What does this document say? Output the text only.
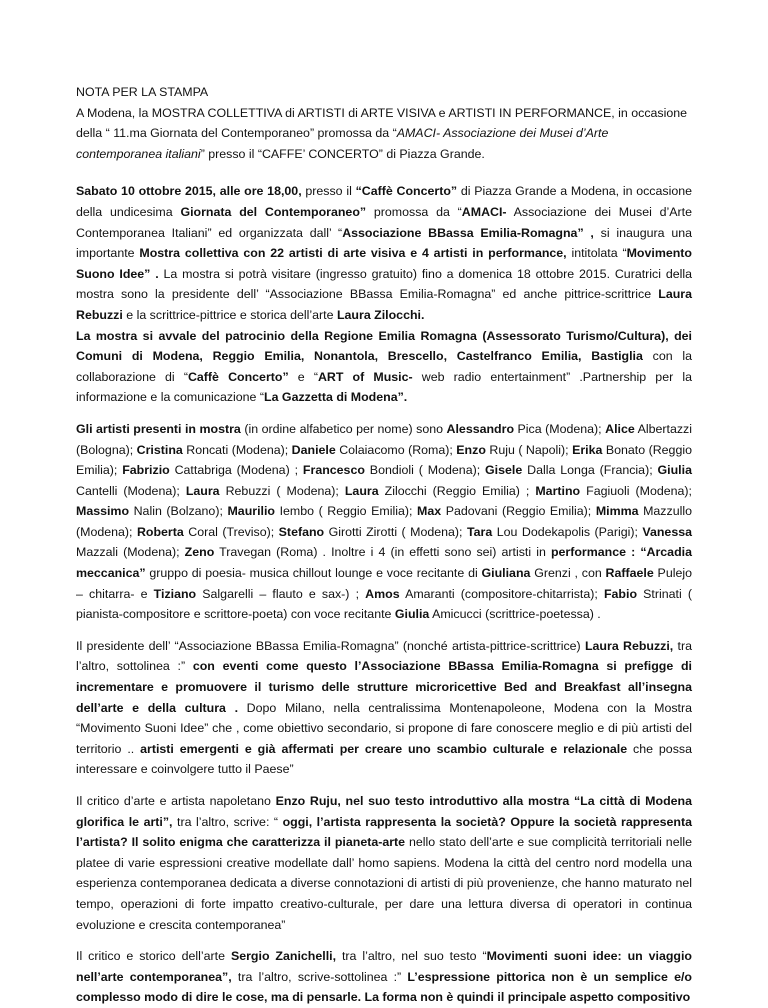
NOTA PER LA STAMPA
A Modena, la MOSTRA COLLETTIVA di ARTISTI di ARTE VISIVA e ARTISTI IN PERFORMANCE, in occasione della “ 11.ma Giornata del Contemporaneo” promossa da “AMACI- Associazione dei Musei d’Arte contemporanea italiani” presso il “CAFFE’ CONCERTO” di Piazza Grande.

Sabato 10 ottobre 2015, alle ore 18,00, presso il “Caffè Concerto” di Piazza Grande a Modena, in occasione della undicesima Giornata del Contemporaneo” promossa da “AMACI- Associazione dei Musei d’Arte Contemporanea Italiani” ed organizzata dall’ “Associazione BBassa Emilia-Romagna” , si inaugura una importante Mostra collettiva con 22 artisti di arte visiva e 4 artisti in performance, intitolata “Movimento Suono Idee” . La mostra si potrà visitare (ingresso gratuito) fino a domenica 18 ottobre 2015. Curatrici della mostra sono la presidente dell’ “Associazione BBassa Emilia-Romagna” ed anche pittrice-scrittrice Laura Rebuzzi e la scrittrice-pittrice e storica dell’arte Laura Zilocchi.
La mostra si avvale del patrocinio della Regione Emilia Romagna (Assessorato Turismo/Cultura), dei Comuni di Modena, Reggio Emilia, Nonantola, Brescello, Castelfranco Emilia, Bastiglia con la collaborazione di “Caffè Concerto” e “ART of Music- web radio entertainment” .Partnership per la informazione e la comunicazione “La Gazzetta di Modena”.

Gli artisti presenti in mostra (in ordine alfabetico per nome) sono Alessandro Pica (Modena); Alice Albertazzi (Bologna); Cristina Roncati (Modena); Daniele Colaiacomo (Roma); Enzo Ruju ( Napoli); Erika Bonato (Reggio Emilia); Fabrizio Cattabriga (Modena) ; Francesco Bondioli ( Modena); Gisele Dalla Longa (Francia); Giulia Cantelli (Modena); Laura Rebuzzi ( Modena); Laura Zilocchi (Reggio Emilia) ; Martino Fagiuoli (Modena); Massimo Nalin (Bolzano); Maurilio Iembo ( Reggio Emilia); Max Padovani (Reggio Emilia); Mimma Mazzullo (Modena); Roberta Coral (Treviso); Stefano Girotti Zirotti ( Modena); Tara Lou Dodekapolis (Parigi); Vanessa Mazzali (Modena); Zeno Travegan (Roma) . Inoltre i 4 (in effetti sono sei) artisti in performance : “Arcadia meccanica” gruppo di poesia- musica chillout lounge e voce recitante di Giuliana Grenzi , con Raffaele Pulejo – chitarra- e Tiziano Salgarelli – flauto e sax-) ; Amos Amaranti (compositore-chitarrista); Fabio Strinati ( pianista-compositore e scrittore-poeta) con voce recitante Giulia Amicucci (scrittrice-poetessa) .

Il presidente dell’ “Associazione BBassa Emilia-Romagna” (nonché artista-pittrice-scrittrice) Laura Rebuzzi, tra l’altro, sottolinea :” con eventi come questo l’Associazione BBassa Emilia-Romagna si prefigge di incrementare e promuovere il turismo delle strutture microricettive Bed and Breakfast all’insegna dell’arte e della cultura . Dopo Milano, nella centralissima Montenapoleone, Modena con la Mostra “Movimento Suoni Idee” che , come obiettivo secondario, si propone di fare conoscere meglio e di più artisti del territorio .. artisti emergenti e già affermati per creare uno scambio culturale e relazionale che possa interessare e coinvolgere tutto il Paese”

Il critico d’arte e artista napoletano Enzo Ruju, nel suo testo introduttivo alla mostra “La città di Modena glorifica le arti”, tra l’altro, scrive: “ oggi, l’artista rappresenta la società? Oppure la società rappresenta l’artista? Il solito enigma che caratterizza il pianeta-arte nello stato dell’arte e sue complicità territoriali nelle platee di varie espressioni creative modellate dall’ homo sapiens. Modena la città del centro nord modella una esperienza contemporanea dedicata a diverse connotazioni di artisti di più provenienze, che hanno maturato nel tempo, operazioni di forte impatto creativo-culturale, per dare una lettura diversa di operatori in continua evoluzione e crescita contemporanea”

Il critico e storico dell’arte Sergio Zanichelli, tra l’altro, nel suo testo “Movimenti suoni idee: un viaggio nell’arte contemporanea”, tra l’altro, scrive-sottolinea :” L’espressione pittorica non è un semplice e/o complesso modo di dire le cose, ma di pensarle. La forma non è quindi il principale aspetto compositivo
